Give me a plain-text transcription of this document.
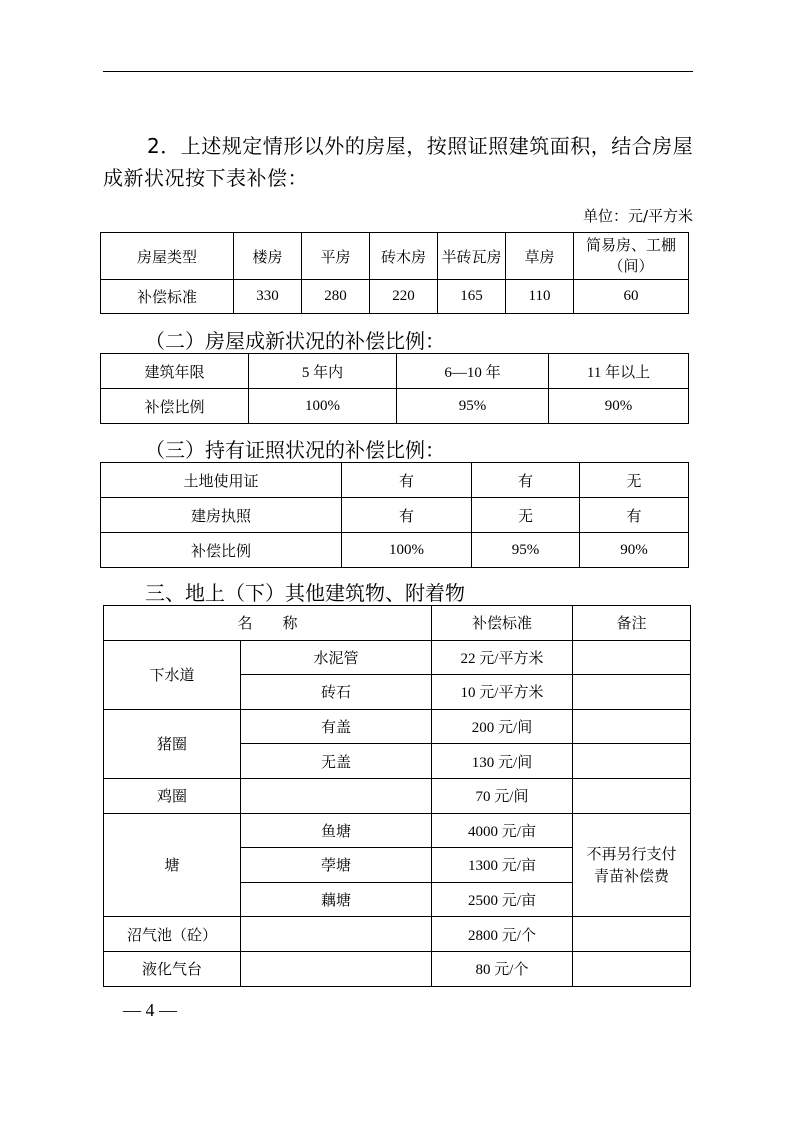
2．上述规定情形以外的房屋，按照证照建筑面积，结合房屋成新状况按下表补偿：

单位：元/平方米
房屋类型	楼房	平房	砖木房	半砖瓦房	草房	简易房、工棚（间）
补偿标准	330	280	220	165	110	60
（二）房屋成新状况的补偿比例：
建筑年限	5 年内	6—10 年	11 年以上
补偿比例	100%	95%	90%
（三）持有证照状况的补偿比例：
土地使用证	有	有	无
建房执照	有	无	有
补偿比例	100%	95%	90%
三、地上（下）其他建筑物、附着物
名　　称		补偿标准	备注
下水道	水泥管	22 元/平方米	
	砖石	10 元/平方米	
猪圈	有盖	200 元/间	
	无盖	130 元/间	
鸡圈		70 元/间	
塘	鱼塘	4000 元/亩	不再另行支付青苗补偿费
	荸塘	1300 元/亩	
	藕塘	2500 元/亩	
沼气池（砼）		2800 元/个	
液化气台		80 元/个	
— 4 —
